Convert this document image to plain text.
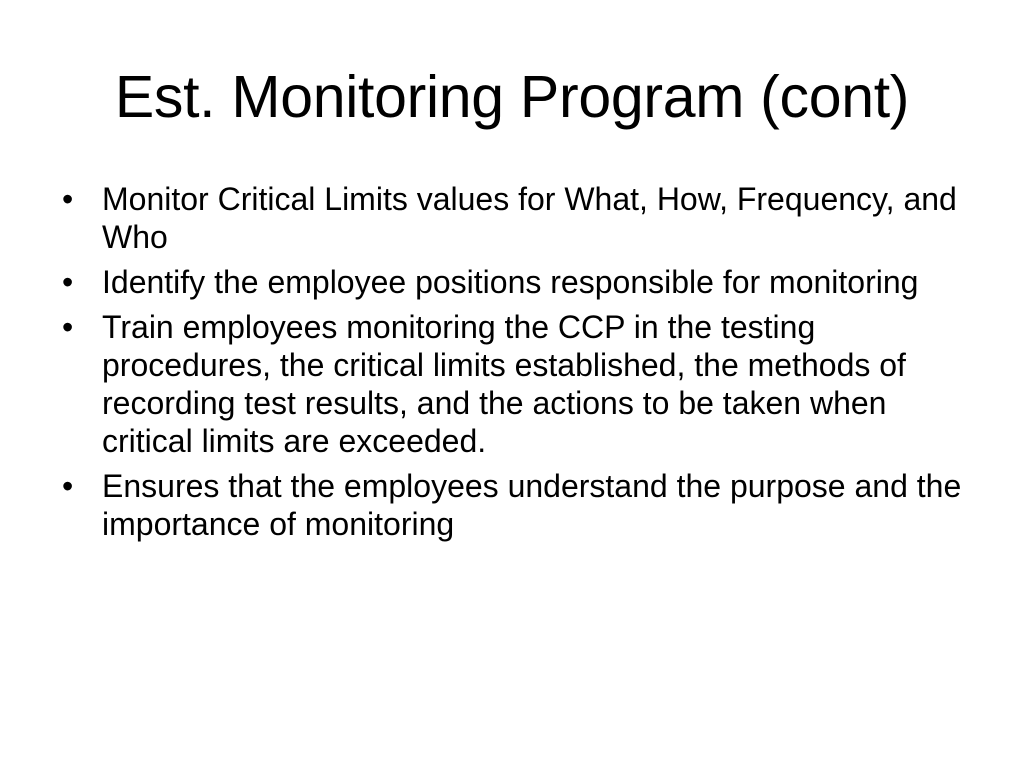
Est. Monitoring Program (cont)
• Monitor Critical Limits values for What, How, Frequency, and Who
• Identify the employee positions responsible for monitoring
• Train employees monitoring the CCP in the testing procedures, the critical limits established, the methods of recording test results, and the actions to be taken when critical limits are exceeded.
• Ensures that the employees understand the purpose and the importance of monitoring
